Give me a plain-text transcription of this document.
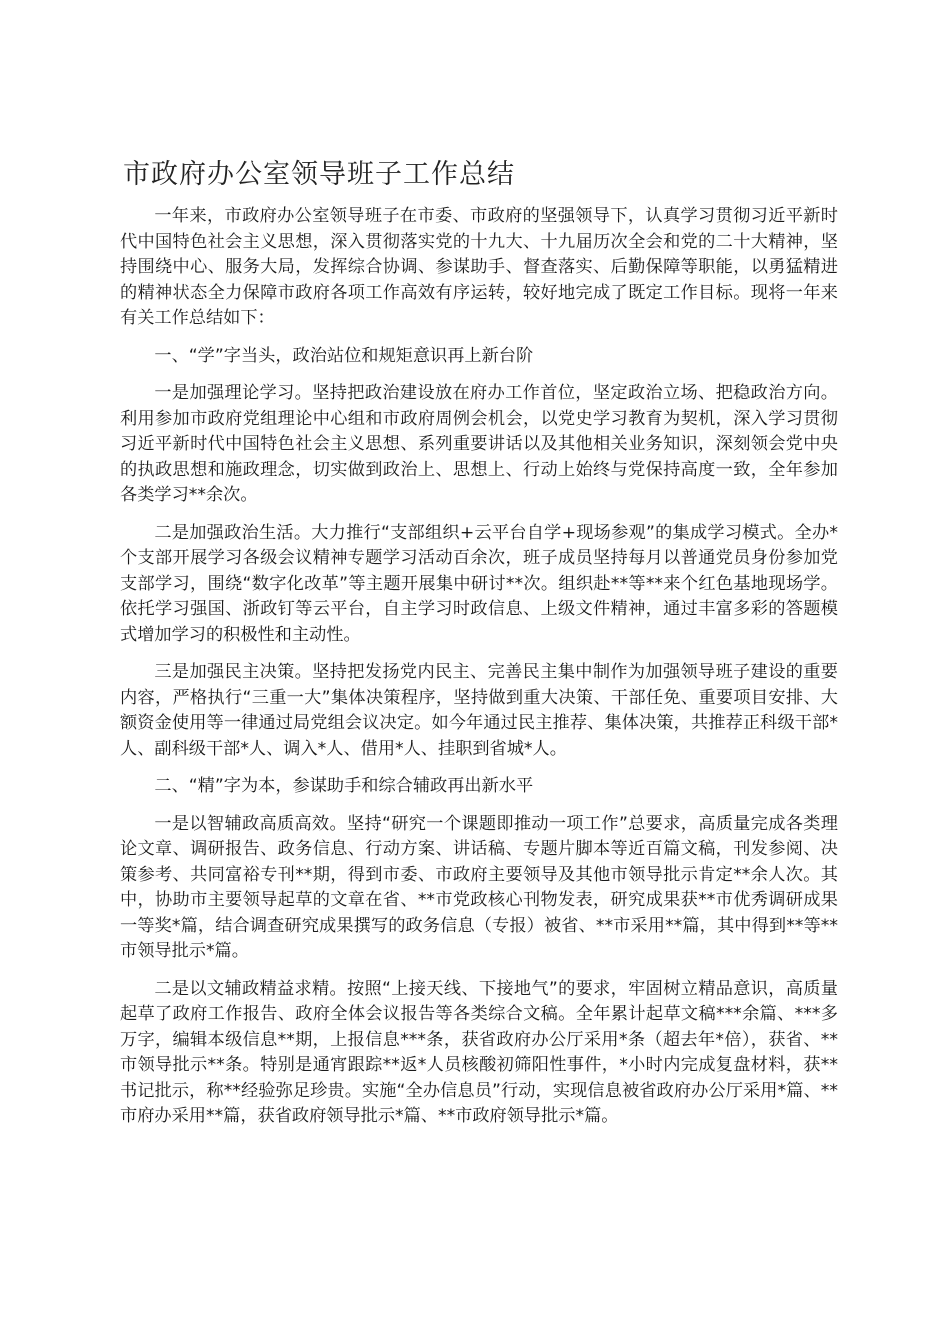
市政府办公室领导班子工作总结

一年来，市政府办公室领导班子在市委、市政府的坚强领导下，认真学习贯彻习近平新时代中国特色社会主义思想，深入贯彻落实党的十九大、十九届历次全会和党的二十大精神，坚持围绕中心、服务大局，发挥综合协调、参谋助手、督查落实、后勤保障等职能，以勇猛精进的精神状态全力保障市政府各项工作高效有序运转，较好地完成了既定工作目标。现将一年来有关工作总结如下：

一、“学”字当头，政治站位和规矩意识再上新台阶

一是加强理论学习。坚持把政治建设放在府办工作首位，坚定政治立场、把稳政治方向。利用参加市政府党组理论中心组和市政府周例会机会，以党史学习教育为契机，深入学习贯彻习近平新时代中国特色社会主义思想、系列重要讲话以及其他相关业务知识，深刻领会党中央的执政思想和施政理念，切实做到政治上、思想上、行动上始终与党保持高度一致，全年参加各类学习**余次。

二是加强政治生活。大力推行“支部组织+云平台自学+现场参观”的集成学习模式。全办*个支部开展学习各级会议精神专题学习活动百余次，班子成员坚持每月以普通党员身份参加党支部学习，围绕“数字化改革”等主题开展集中研讨**次。组织赴**等**来个红色基地现场学。依托学习强国、浙政钉等云平台，自主学习时政信息、上级文件精神，通过丰富多彩的答题模式增加学习的积极性和主动性。

三是加强民主决策。坚持把发扬党内民主、完善民主集中制作为加强领导班子建设的重要内容，严格执行“三重一大”集体决策程序，坚持做到重大决策、干部任免、重要项目安排、大额资金使用等一律通过局党组会议决定。如今年通过民主推荐、集体决策，共推荐正科级干部*人、副科级干部*人、调入*人、借用*人、挂职到省城*人。

二、“精”字为本，参谋助手和综合辅政再出新水平

一是以智辅政高质高效。坚持“研究一个课题即推动一项工作”总要求，高质量完成各类理论文章、调研报告、政务信息、行动方案、讲话稿、专题片脚本等近百篇文稿，刊发参阅、决策参考、共同富裕专刊**期，得到市委、市政府主要领导及其他市领导批示肯定**余人次。其中，协助市主要领导起草的文章在省、**市党政核心刊物发表，研究成果获**市优秀调研成果一等奖*篇，结合调查研究成果撰写的政务信息（专报）被省、**市采用**篇，其中得到**等**市领导批示*篇。

二是以文辅政精益求精。按照“上接天线、下接地气”的要求，牢固树立精品意识，高质量起草了政府工作报告、政府全体会议报告等各类综合文稿。全年累计起草文稿***余篇、***多万字，编辑本级信息**期，上报信息***条，获省政府办公厅采用*条（超去年*倍），获省、**市领导批示**条。特别是通宵跟踪**返*人员核酸初筛阳性事件，*小时内完成复盘材料，获**书记批示，称**经验弥足珍贵。实施“全办信息员”行动，实现信息被省政府办公厅采用*篇、**市府办采用**篇，获省政府领导批示*篇、**市政府领导批示*篇。
